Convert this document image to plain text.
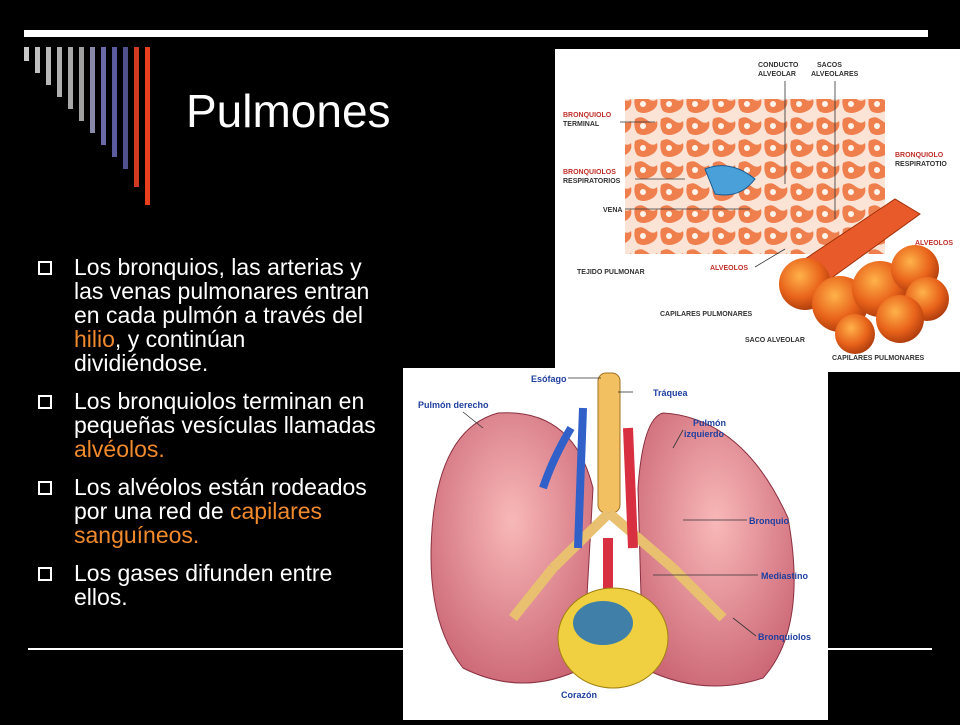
Pulmones
Los bronquios, las arterias y las venas pulmonares entran en cada pulmón a través del hilio, y continúan dividiéndose.
Los bronquiolos terminan en pequeñas vesículas llamadas alvéolos.
Los alvéolos están rodeados por una red de capilares sanguíneos.
Los gases difunden entre ellos.
CONDUCTO
ALVEOLAR
SACOS
ALVEOLARES
BRONQUIOLO
TERMINAL
BRONQUIOLOS
RESPIRATORIOS
VENA
BRONQUIOLO
RESPIRATOTIO
ALVEOLOS
ALVEOLOS
TEJIDO PULMONAR
CAPILARES PULMONARES
SACO ALVEOLAR
CAPILARES PULMONARES
Esófago
Tráquea
Pulmón derecho
Pulmón
izquierdo
Bronquio
Mediastino
Bronquiolos
Corazón
